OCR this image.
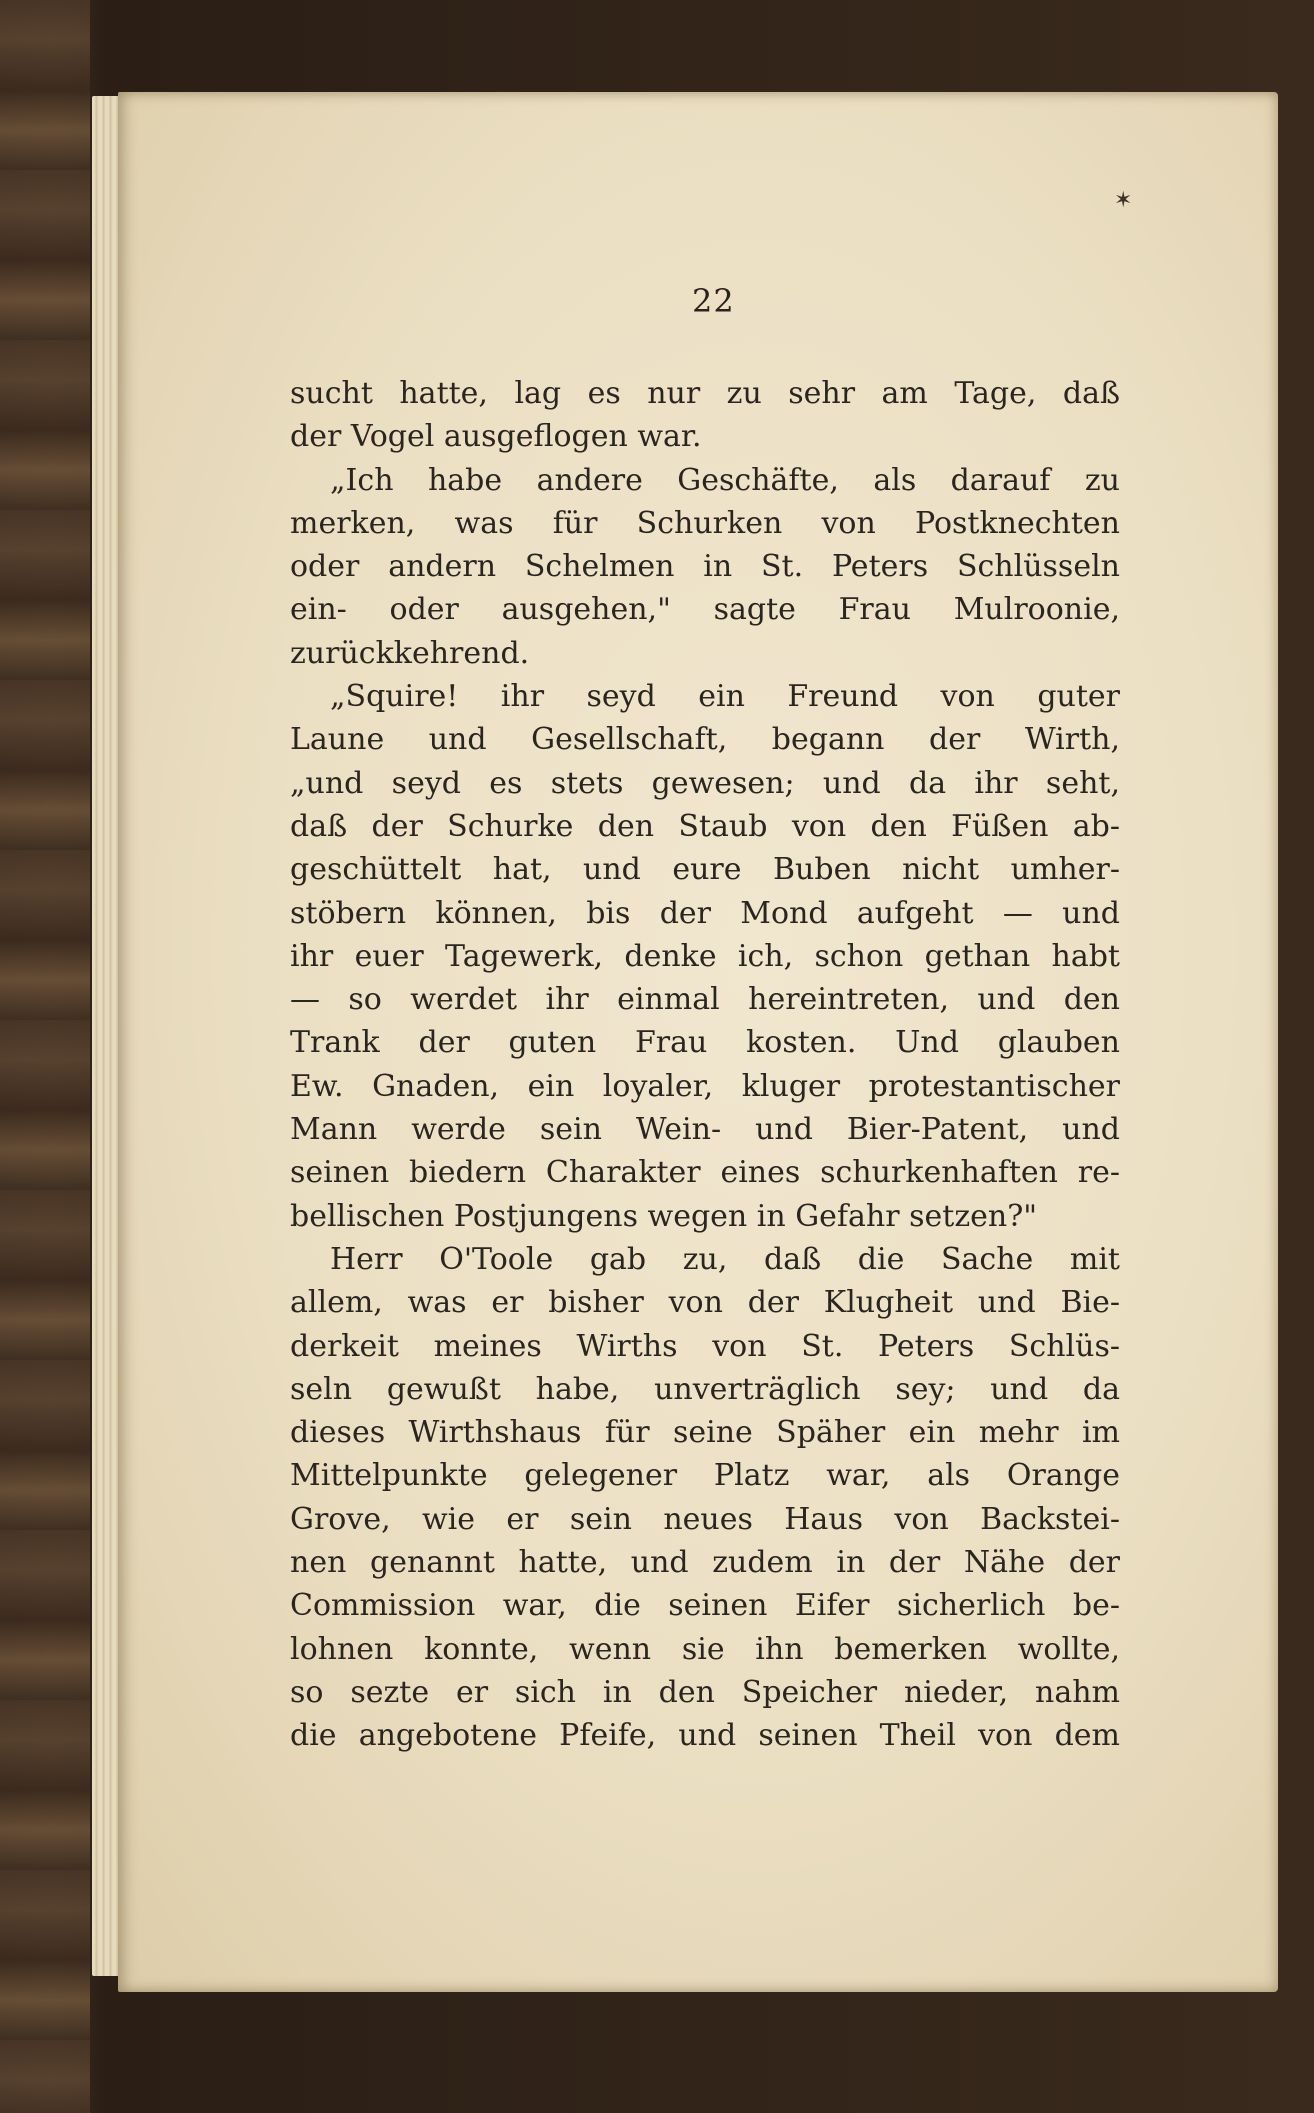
✶
22
sucht hatte, lag es nur zu sehr am Tage, daß
der Vogel ausgeflogen war.
„Ich habe andere Geschäfte, als darauf zu
merken, was für Schurken von Postknechten
oder andern Schelmen in St. Peters Schlüsseln
ein- oder ausgehen," sagte Frau Mulroonie,
zurückkehrend.
„Squire! ihr seyd ein Freund von guter
Laune und Gesellschaft, begann der Wirth,
„und seyd es stets gewesen; und da ihr seht,
daß der Schurke den Staub von den Füßen ab-
geschüttelt hat, und eure Buben nicht umher-
stöbern können, bis der Mond aufgeht — und
ihr euer Tagewerk, denke ich, schon gethan habt
— so werdet ihr einmal hereintreten, und den
Trank der guten Frau kosten. Und glauben
Ew. Gnaden, ein loyaler, kluger protestantischer
Mann werde sein Wein- und Bier-Patent, und
seinen biedern Charakter eines schurkenhaften re-
bellischen Postjungens wegen in Gefahr setzen?"
Herr O'Toole gab zu, daß die Sache mit
allem, was er bisher von der Klugheit und Bie-
derkeit meines Wirths von St. Peters Schlüs-
seln gewußt habe, unverträglich sey; und da
dieses Wirthshaus für seine Späher ein mehr im
Mittelpunkte gelegener Platz war, als Orange
Grove, wie er sein neues Haus von Backstei-
nen genannt hatte, und zudem in der Nähe der
Commission war, die seinen Eifer sicherlich be-
lohnen konnte, wenn sie ihn bemerken wollte,
so sezte er sich in den Speicher nieder, nahm
die angebotene Pfeife, und seinen Theil von dem
